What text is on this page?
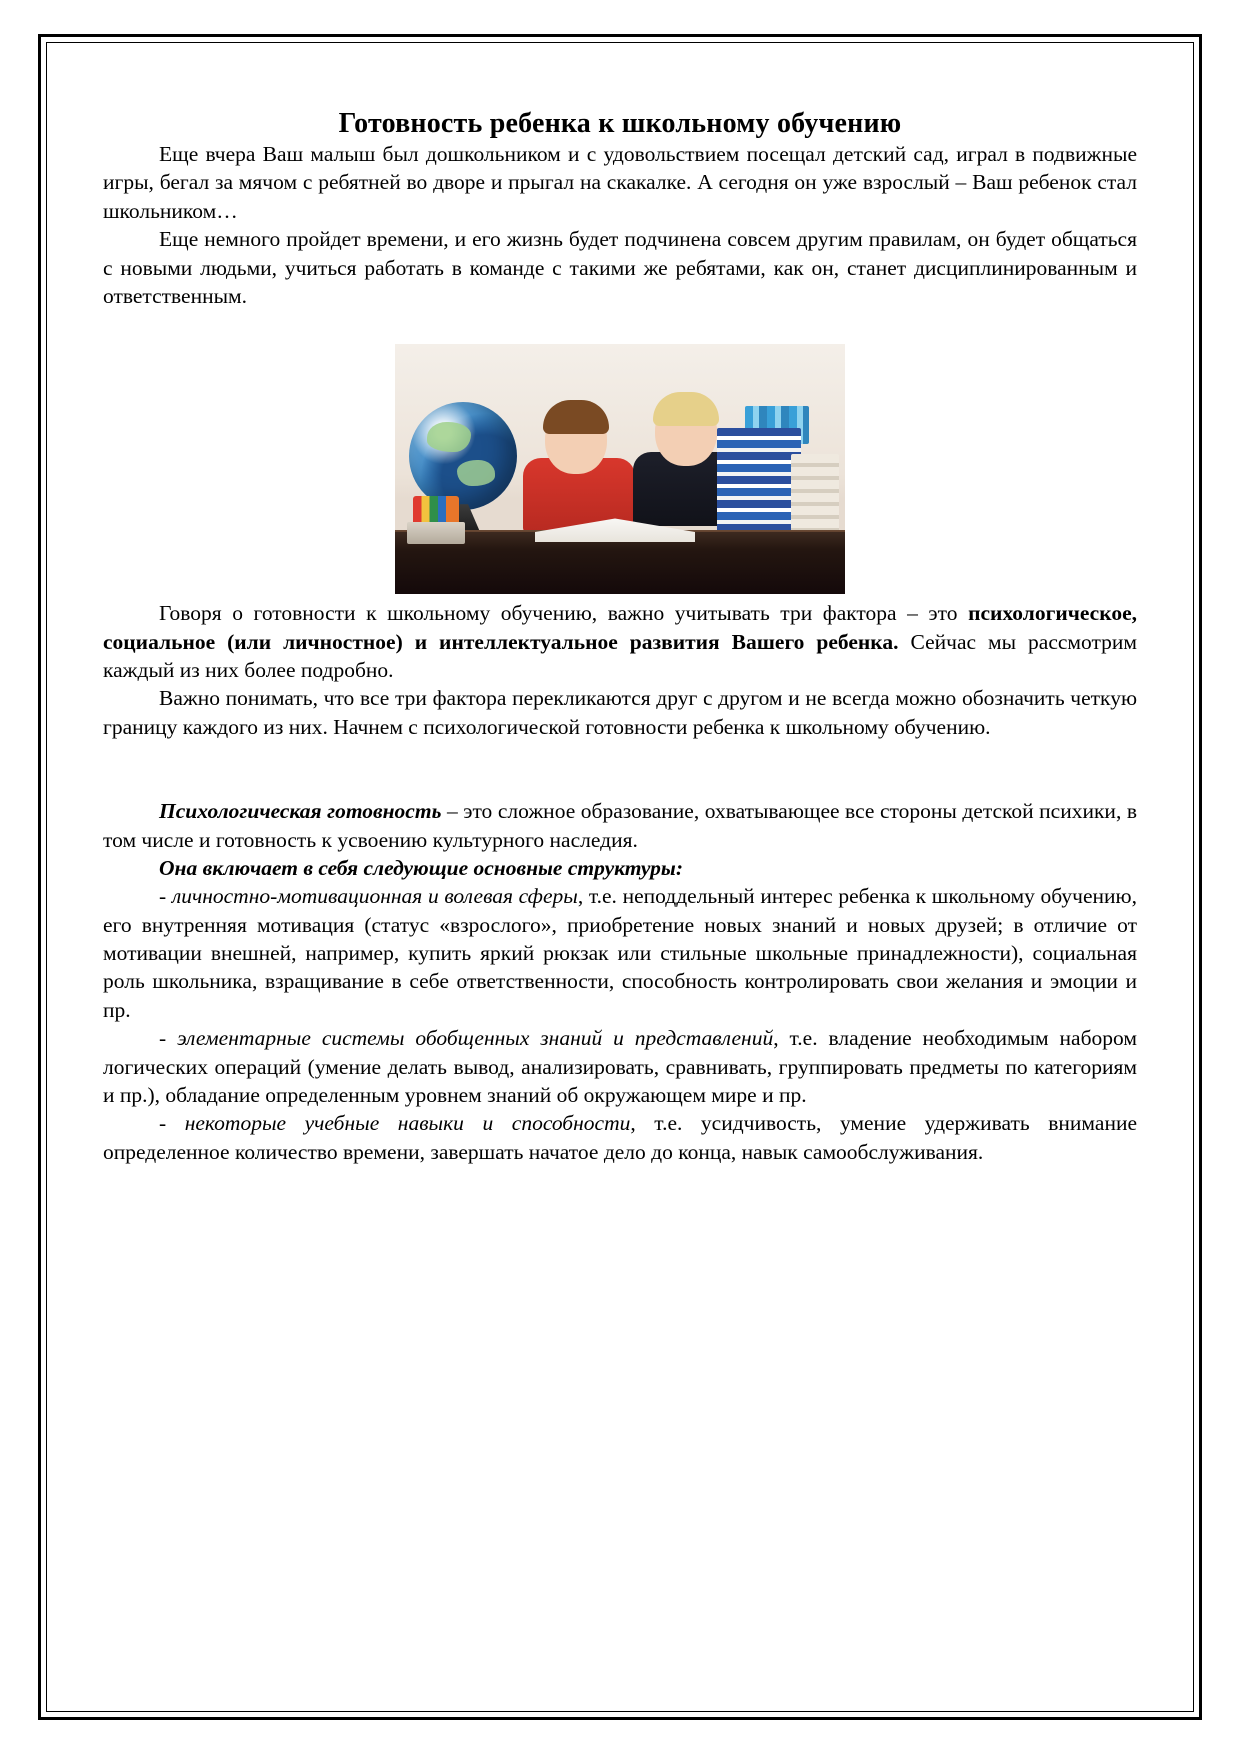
Готовность ребенка к школьному обучению

Еще вчера Ваш малыш был дошкольником и с удовольствием посещал детский сад, играл в подвижные игры, бегал за мячом с ребятней во дворе и прыгал на скакалке. А сегодня он уже взрослый – Ваш ребенок стал школьником…

Еще немного пройдет времени, и его жизнь будет подчинена совсем другим правилам, он будет общаться с новыми людьми, учиться работать в команде с такими же ребятами, как он, станет дисциплинированным и ответственным.

Говоря о готовности к школьному обучению, важно учитывать три фактора – это психологическое, социальное (или личностное) и интеллектуальное развития Вашего ребенка. Сейчас мы рассмотрим каждый из них более подробно.

Важно понимать, что все три фактора перекликаются друг с другом и не всегда можно обозначить четкую границу каждого из них. Начнем с психологической готовности ребенка к школьному обучению.

Психологическая готовность – это сложное образование, охватывающее все стороны детской психики, в том числе и готовность к усвоению культурного наследия.

Она включает в себя следующие основные структуры:

- личностно-мотивационная и волевая сферы, т.е. неподдельный интерес ребенка к школьному обучению, его внутренняя мотивация (статус «взрослого», приобретение новых знаний и новых друзей; в отличие от мотивации внешней, например, купить яркий рюкзак или стильные школьные принадлежности), социальная роль школьника, взращивание в себе ответственности, способность контролировать свои желания и эмоции и пр.

- элементарные системы обобщенных знаний и представлений, т.е. владение необходимым набором логических операций (умение делать вывод, анализировать, сравнивать, группировать предметы по категориям и пр.), обладание определенным уровнем знаний об окружающем мире и пр.

- некоторые учебные навыки и способности, т.е. усидчивость, умение удерживать внимание определенное количество времени, завершать начатое дело до конца, навык самообслуживания.
